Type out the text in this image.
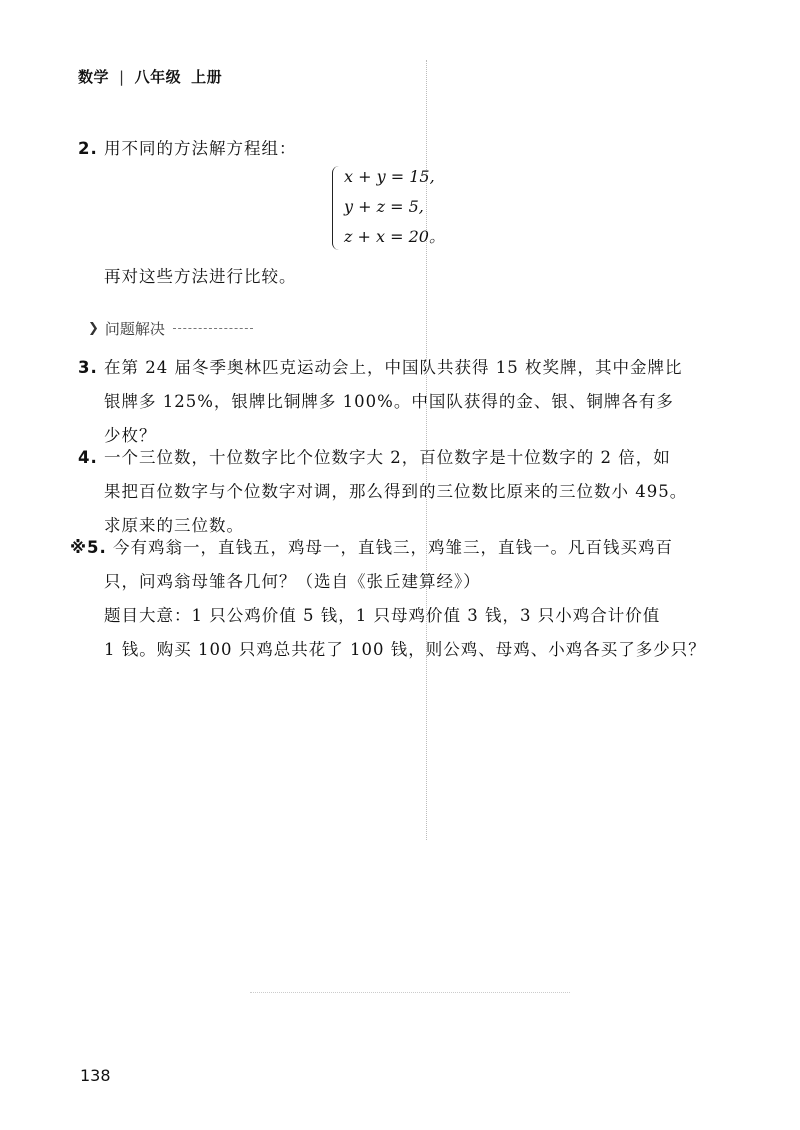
数学 | 八年级 上册
2. 用不同的方法解方程组：
x + y = 15,
y + z = 5,
z + x = 20。
再对这些方法进行比较。
❯ 问题解决
3. 在第 24 届冬季奥林匹克运动会上，中国队共获得 15 枚奖牌，其中金牌比
银牌多 125%，银牌比铜牌多 100%。中国队获得的金、银、铜牌各有多
少枚？
4. 一个三位数，十位数字比个位数字大 2，百位数字是十位数字的 2 倍，如
果把百位数字与个位数字对调，那么得到的三位数比原来的三位数小 495。
求原来的三位数。
※5. 今有鸡翁一，直钱五，鸡母一，直钱三，鸡雏三，直钱一。凡百钱买鸡百
只，问鸡翁母雏各几何？（选自《张丘建算经》）
题目大意：1 只公鸡价值 5 钱，1 只母鸡价值 3 钱，3 只小鸡合计价值
1 钱。购买 100 只鸡总共花了 100 钱，则公鸡、母鸡、小鸡各买了多少只？
138
